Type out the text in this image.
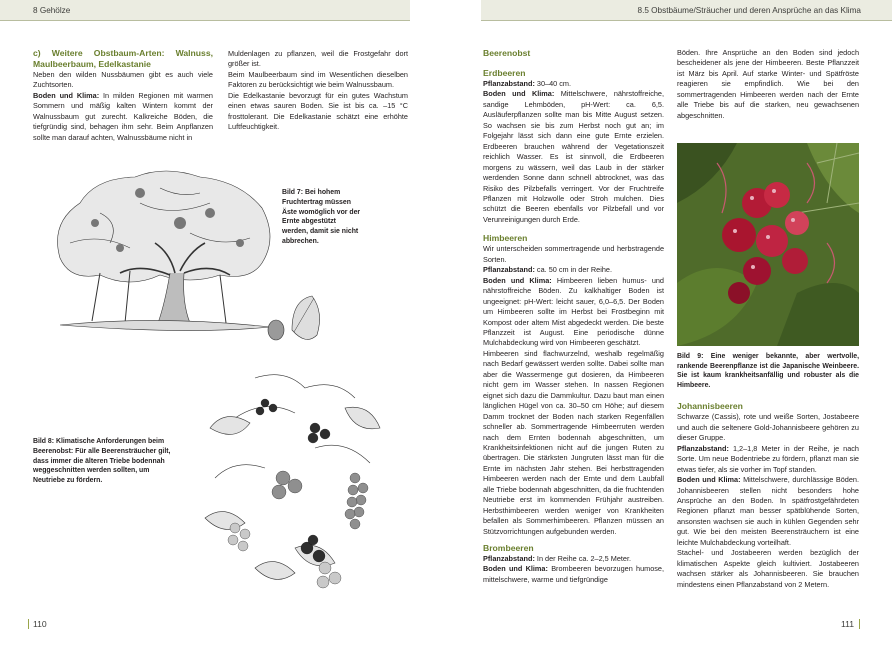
8 Gehölze	8.5 Obstbäume/Sträucher und deren Ansprüche an das Klima

c) Weitere Obstbaum-Arten: Walnuss, Maulbeerbaum, Edelkastanie

Neben den wilden Nussbäumen gibt es auch viele Zuchtsorten.

Boden und Klima: In milden Regionen mit warmen Sommern und mäßig kalten Wintern kommt der Walnussbaum gut zurecht. Kalkreiche Böden, die tiefgründig sind, behagen ihm sehr. Beim Anpflanzen sollte man darauf achten, Walnussbäume nicht in

Muldenlagen zu pflanzen, weil die Frostgefahr dort größer ist.

Beim Maulbeerbaum sind im Wesentlichen dieselben Faktoren zu berücksichtigt wie beim Walnussbaum.

Die Edelkastanie bevorzugt für ein gutes Wachstum einen etwas sauren Boden. Sie ist bis ca. –15 °C frosttolerant. Die Edelkastanie schätzt eine erhöhte Luftfeuchtigkeit.

Bild 7: Bei hohem Fruchtertrag müssen Äste womöglich vor der Ernte abgestützt werden, damit sie nicht abbrechen.
Bild 8: Klimatische Anforderungen beim Beerenobst: Für alle Beerensträucher gilt, dass immer die älteren Triebe bodennah weggeschnitten werden sollten, um Neutriebe zu fördern.
110

Beerenobst

Erdbeeren

Pflanzabstand: 30–40 cm.

Boden und Klima: Mittelschwere, nährstoffreiche, sandige Lehmböden, pH-Wert: ca. 6,5. Ausläuferpflanzen sollte man bis Mitte August setzen. So wachsen sie bis zum Herbst noch gut an; im Folgejahr lässt sich dann eine gute Ernte erzielen. Erdbeeren brauchen während der Vegetationszeit reichlich Wasser. Es ist sinnvoll, die Erdbeeren morgens zu wässern, weil das Laub in der stärker werdenden Sonne dann schnell abtrocknet, was das Risiko des Pilzbefalls verringert. Vor der Fruchtreife Pflanzen mit Holzwolle oder Stroh mulchen. Dies schützt die Beeren ebenfalls vor Pilzbefall und vor Verunreinigungen durch Erde.

Himbeeren

Wir unterscheiden sommertragende und herbstragende Sorten.

Pflanzabstand: ca. 50 cm in der Reihe.

Boden und Klima: Himbeeren lieben humus- und nährstoffreiche Böden. Zu kalkhaltiger Boden ist ungeeignet: pH-Wert: leicht sauer, 6,0–6,5. Der Boden um Himbeeren sollte im Herbst bei Frostbeginn mit Kompost oder altem Mist abgedeckt werden. Die beste Pflanzzeit ist August. Eine periodische dünne Mulchabdeckung wird von Himbeeren geschätzt.

Himbeeren sind flachwurzelnd, weshalb regelmäßig nach Bedarf gewässert werden sollte. Dabei sollte man aber die Wassermenge gut dosieren, da Himbeeren nicht gern im Wasser stehen. In nassen Regionen eignet sich dazu die Dammkultur. Dazu baut man einen länglichen Hügel von ca. 30–50 cm Höhe; auf diesem Damm trocknet der Boden nach starken Regenfällen schneller ab. Sommertragende Himbeerruten werden nach dem Ernten bodennah abgeschnitten, um Krankheitsinfektionen nicht auf die jungen Ruten zu übertragen. Die stärksten Jungruten lässt man für die Ernte im nächsten Jahr stehen. Bei herbsttragenden Himbeeren werden nach der Ernte und dem Laubfall alle Triebe bodennah abgeschnitten, da die fruchtenden Neutriebe erst im kommenden Frühjahr austreiben. Herbsthimbeeren werden weniger von Krankheiten befallen als Sommerhimbeeren. Pflanzen müssen an Stützvorrichtungen aufgebunden werden.

Brombeeren

Pflanzabstand: In der Reihe ca. 2–2,5 Meter.

Boden und Klima: Brombeeren bevorzugen humose, mittelschwere, warme und tiefgründige

Böden. Ihre Ansprüche an den Boden sind jedoch bescheidener als jene der Himbeeren. Beste Pflanzzeit ist März bis April. Auf starke Winter- und Spätfröste reagieren sie empfindlich. Wie bei den sommertragenden Himbeeren werden nach der Ernte alle Triebe bis auf die starken, neu gewachsenen abgeschnitten.

Bild 9: Eine weniger bekannte, aber wertvolle, rankende Beerenpflanze ist die Japanische Weinbeere. Sie ist kaum krankheitsanfällig und robuster als die Himbeere.

Johannisbeeren

Schwarze (Cassis), rote und weiße Sorten, Jostabeere und auch die seltenere Gold-Johannisbeere gehören zu dieser Gruppe.

Pflanzabstand: 1,2–1,8 Meter in der Reihe, je nach Sorte. Um neue Bodentriebe zu fördern, pflanzt man sie etwas tiefer, als sie vorher im Topf standen.

Boden und Klima: Mittelschwere, durchlässige Böden. Johannisbeeren stellen nicht besonders hohe Ansprüche an den Boden. In spätfrostgefährdeten Regionen pflanzt man besser spätblühende Sorten, ansonsten wachsen sie auch in kühlen Gegenden sehr gut. Wie bei den meisten Beerensträuchern ist eine leichte Mulchabdeckung vorteilhaft.

Stachel- und Jostabeeren werden bezüglich der klimatischen Aspekte gleich kultiviert. Jostabeeren wachsen stärker als Johannisbeeren. Sie brauchen mindestens einen Pflanzabstand von 2 Metern.

111
